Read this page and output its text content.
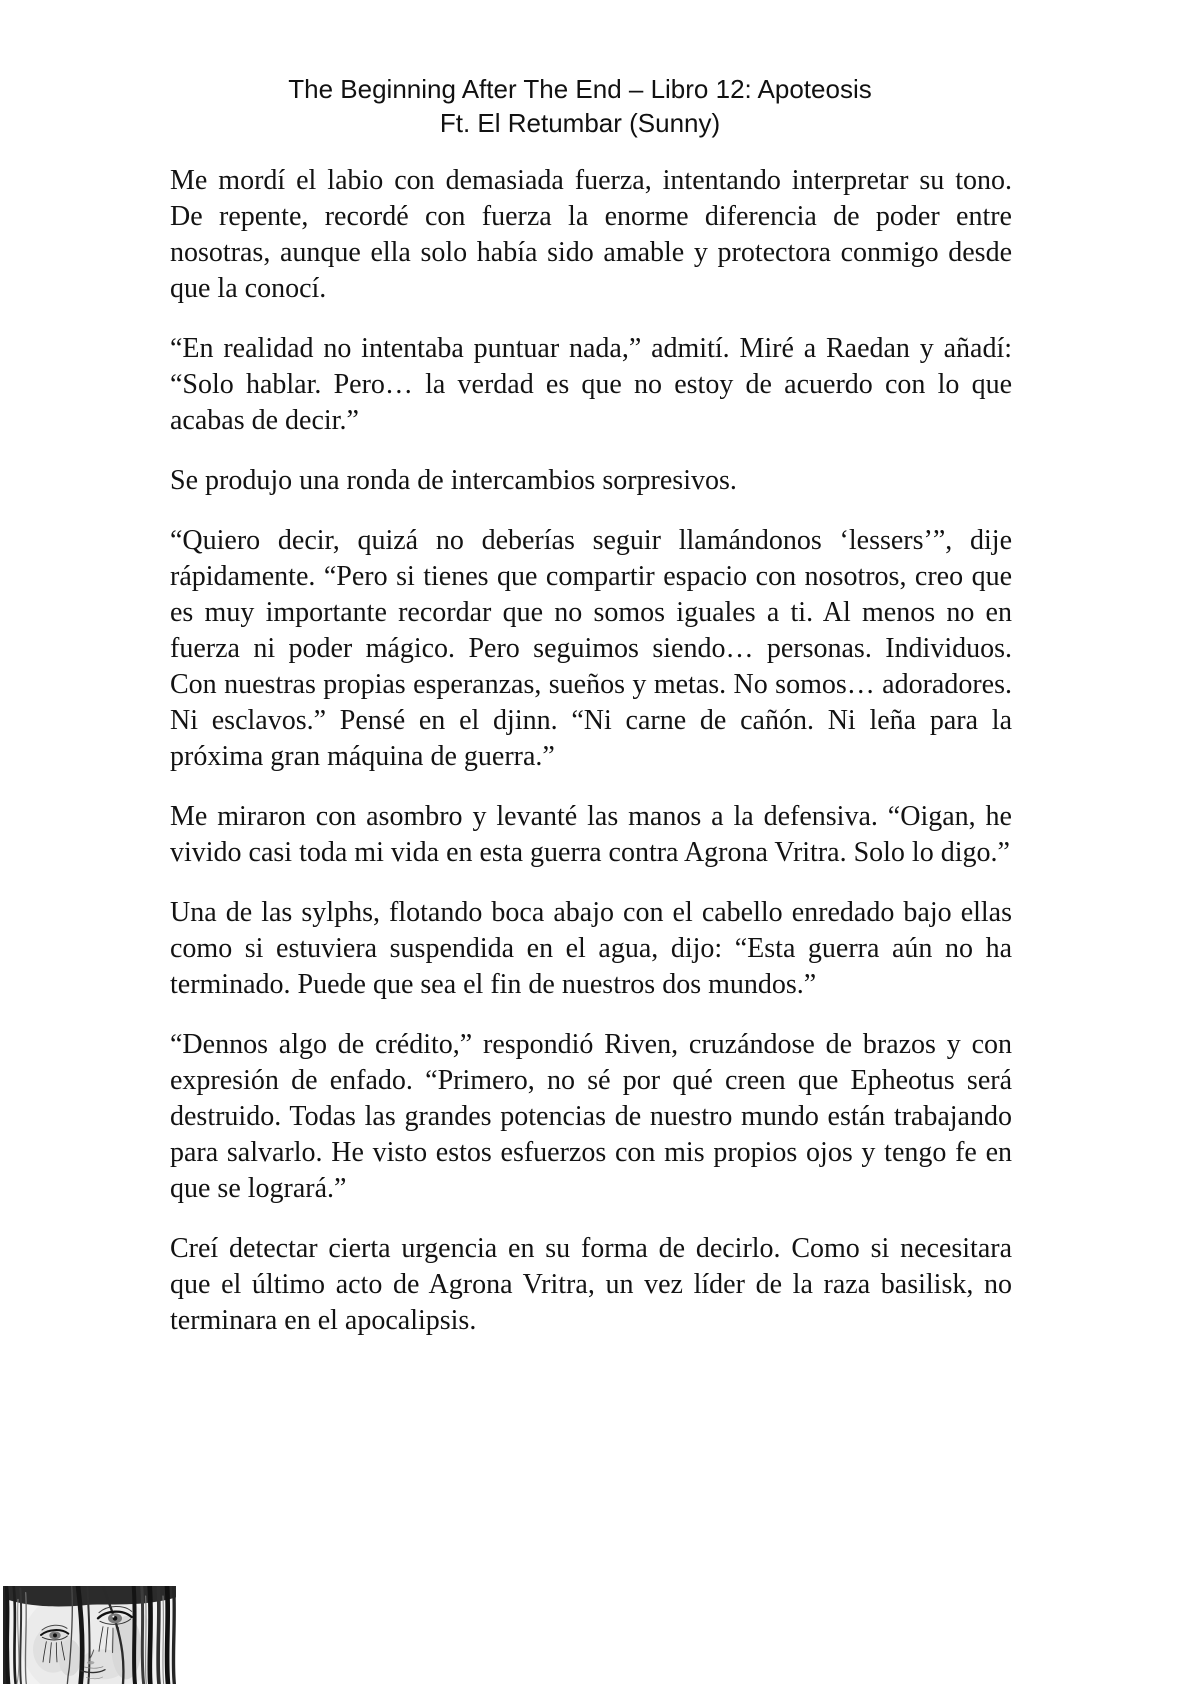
The Beginning After The End – Libro 12: Apoteosis
Ft. El Retumbar (Sunny)

Me mordí el labio con demasiada fuerza, intentando interpretar su tono. De repente, recordé con fuerza la enorme diferencia de poder entre nosotras, aunque ella solo había sido amable y protectora conmigo desde que la conocí.

“En realidad no intentaba puntuar nada,” admití. Miré a Raedan y añadí: “Solo hablar. Pero… la verdad es que no estoy de acuerdo con lo que acabas de decir.”

Se produjo una ronda de intercambios sorpresivos.

“Quiero decir, quizá no deberías seguir llamándonos ‘lessers’”, dije rápidamente. “Pero si tienes que compartir espacio con nosotros, creo que es muy importante recordar que no somos iguales a ti. Al menos no en fuerza ni poder mágico. Pero seguimos siendo… personas. Individuos. Con nuestras propias esperanzas, sueños y metas. No somos… adoradores. Ni esclavos.” Pensé en el djinn. “Ni carne de cañón. Ni leña para la próxima gran máquina de guerra.”

Me miraron con asombro y levanté las manos a la defensiva. “Oigan, he vivido casi toda mi vida en esta guerra contra Agrona Vritra. Solo lo digo.”

Una de las sylphs, flotando boca abajo con el cabello enredado bajo ellas como si estuviera suspendida en el agua, dijo: “Esta guerra aún no ha terminado. Puede que sea el fin de nuestros dos mundos.”

“Dennos algo de crédito,” respondió Riven, cruzándose de brazos y con expresión de enfado. “Primero, no sé por qué creen que Epheotus será destruido. Todas las grandes potencias de nuestro mundo están trabajando para salvarlo. He visto estos esfuerzos con mis propios ojos y tengo fe en que se logrará.”

Creí detectar cierta urgencia en su forma de decirlo. Como si necesitara que el último acto de Agrona Vritra, un vez líder de la raza basilisk, no terminara en el apocalipsis.
